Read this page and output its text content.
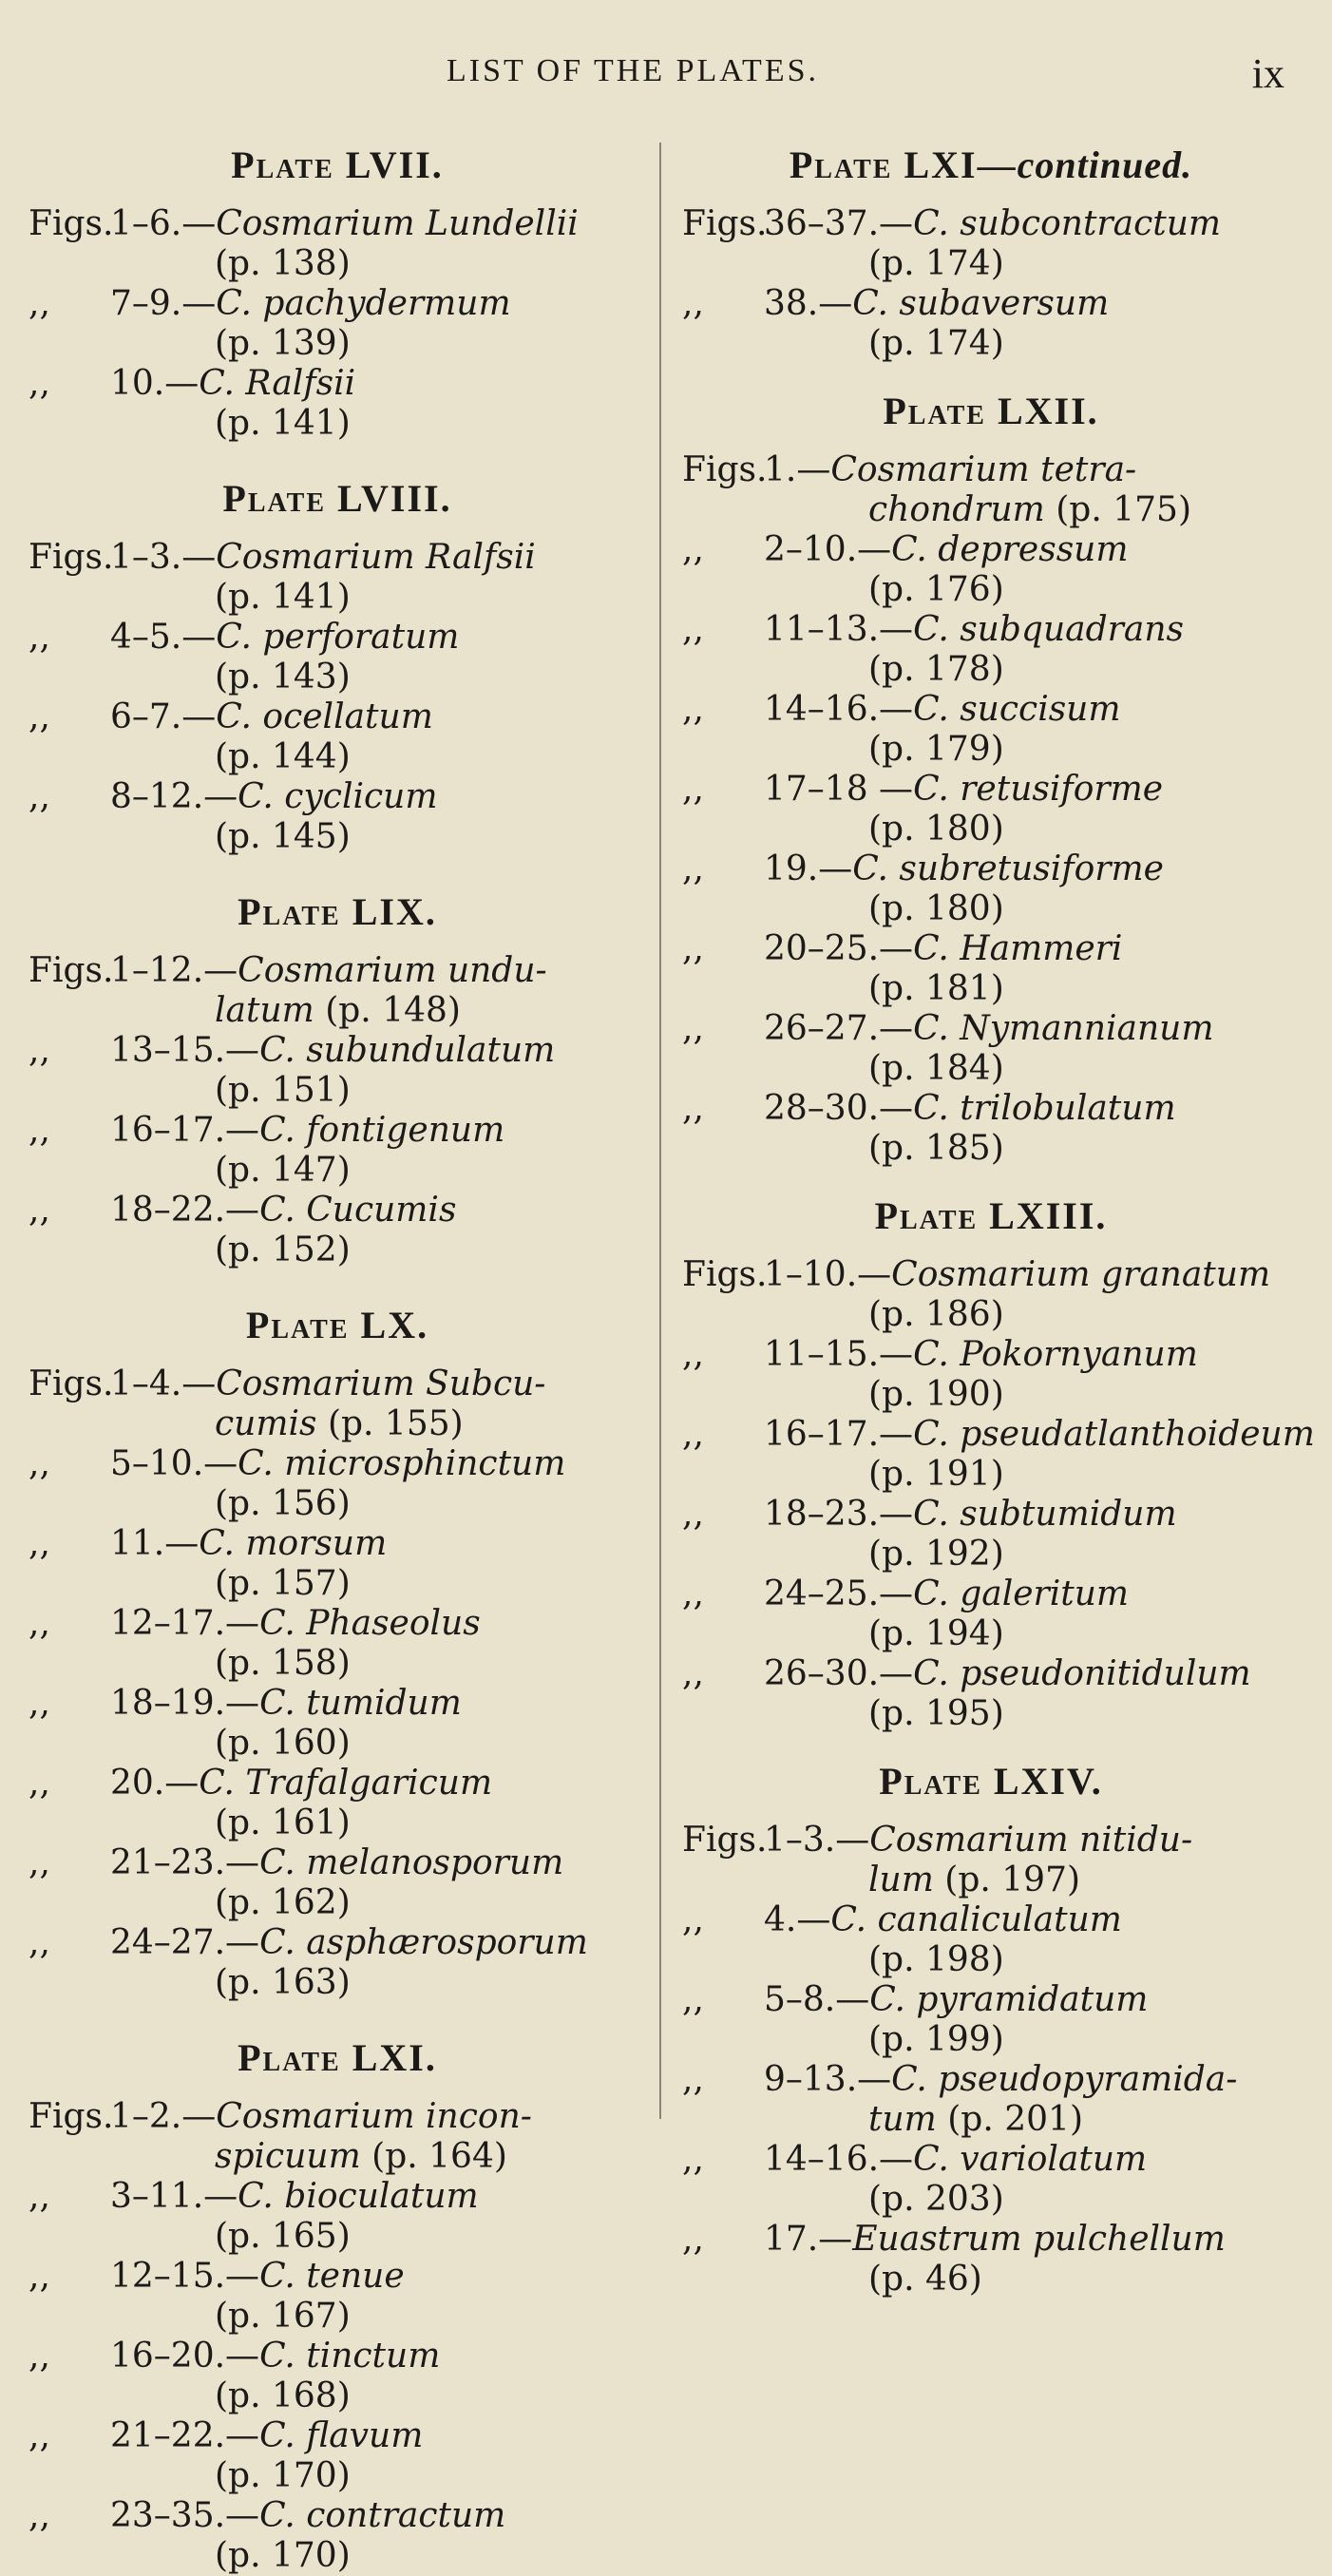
LIST OF THE PLATES.	ix
Plate LVII.
Figs.
1–6.—Cosmarium Lundellii
(p. 138)
,, 7–9.—C. pachydermum
(p. 139)
,, 10.—C. Ralfsii
(p. 141)
Plate LVIII.
Figs.
1–3.—Cosmarium Ralfsii
(p. 141)
,, 4–5.—C. perforatum
(p. 143)
,, 6–7.—C. ocellatum
(p. 144)
,, 8–12.—C. cyclicum
(p. 145)
Plate LIX.
Figs.
1–12.—Cosmarium undu-
latum (p. 148)
,, 13–15.—C. subundulatum
(p. 151)
,, 16–17.—C. fontigenum
(p. 147)
,, 18–22.—C. Cucumis
(p. 152)
Plate LX.
Figs.
1–4.—Cosmarium Subcu-
cumis (p. 155)
,, 5–10.—C. microsphinctum
(p. 156)
,, 11.—C. morsum
(p. 157)
,, 12–17.—C. Phaseolus
(p. 158)
,, 18–19.—C. tumidum
(p. 160)
,, 20.—C. Trafalgaricum
(p. 161)
,, 21–23.—C. melanosporum
(p. 162)
,, 24–27.—C. asphærosporum
(p. 163)
Plate LXI.
Figs.
1–2.—Cosmarium incon-
spicuum (p. 164)
,, 3–11.—C. bioculatum
(p. 165)
,, 12–15.—C. tenue
(p. 167)
,, 16–20.—C. tinctum
(p. 168)
,, 21–22.—C. flavum
(p. 170)
,, 23–35.—C. contractum
(p. 170)
Plate LXI—continued.
Figs.
36–37.—C. subcontractum
(p. 174)
,, 38.—C. subaversum
(p. 174)
Plate LXII.
Figs.
1.—Cosmarium tetra-
chondrum (p. 175)
,, 2–10.—C. depressum
(p. 176)
,, 11–13.—C. subquadrans
(p. 178)
,, 14–16.—C. succisum
(p. 179)
,, 17–18 —C. retusiforme
(p. 180)
,, 19.—C. subretusiforme
(p. 180)
,, 20–25.—C. Hammeri
(p. 181)
,, 26–27.—C. Nymannianum
(p. 184)
,, 28–30.—C. trilobulatum
(p. 185)
Plate LXIII.
Figs.
1–10.—Cosmarium granatum
(p. 186)
,, 11–15.—C. Pokornyanum
(p. 190)
,, 16–17.—C. pseudatlanthoideum
(p. 191)
,, 18–23.—C. subtumidum
(p. 192)
,, 24–25.—C. galeritum
(p. 194)
,, 26–30.—C. pseudonitidulum
(p. 195)
Plate LXIV.
Figs.
1–3.—Cosmarium nitidu-
lum (p. 197)
,, 4.—C. canaliculatum
(p. 198)
,, 5–8.—C. pyramidatum
(p. 199)
,, 9–13.—C. pseudopyramida-
tum (p. 201)
,, 14–16.—C. variolatum
(p. 203)
,, 17.—Euastrum pulchellum
(p. 46)
